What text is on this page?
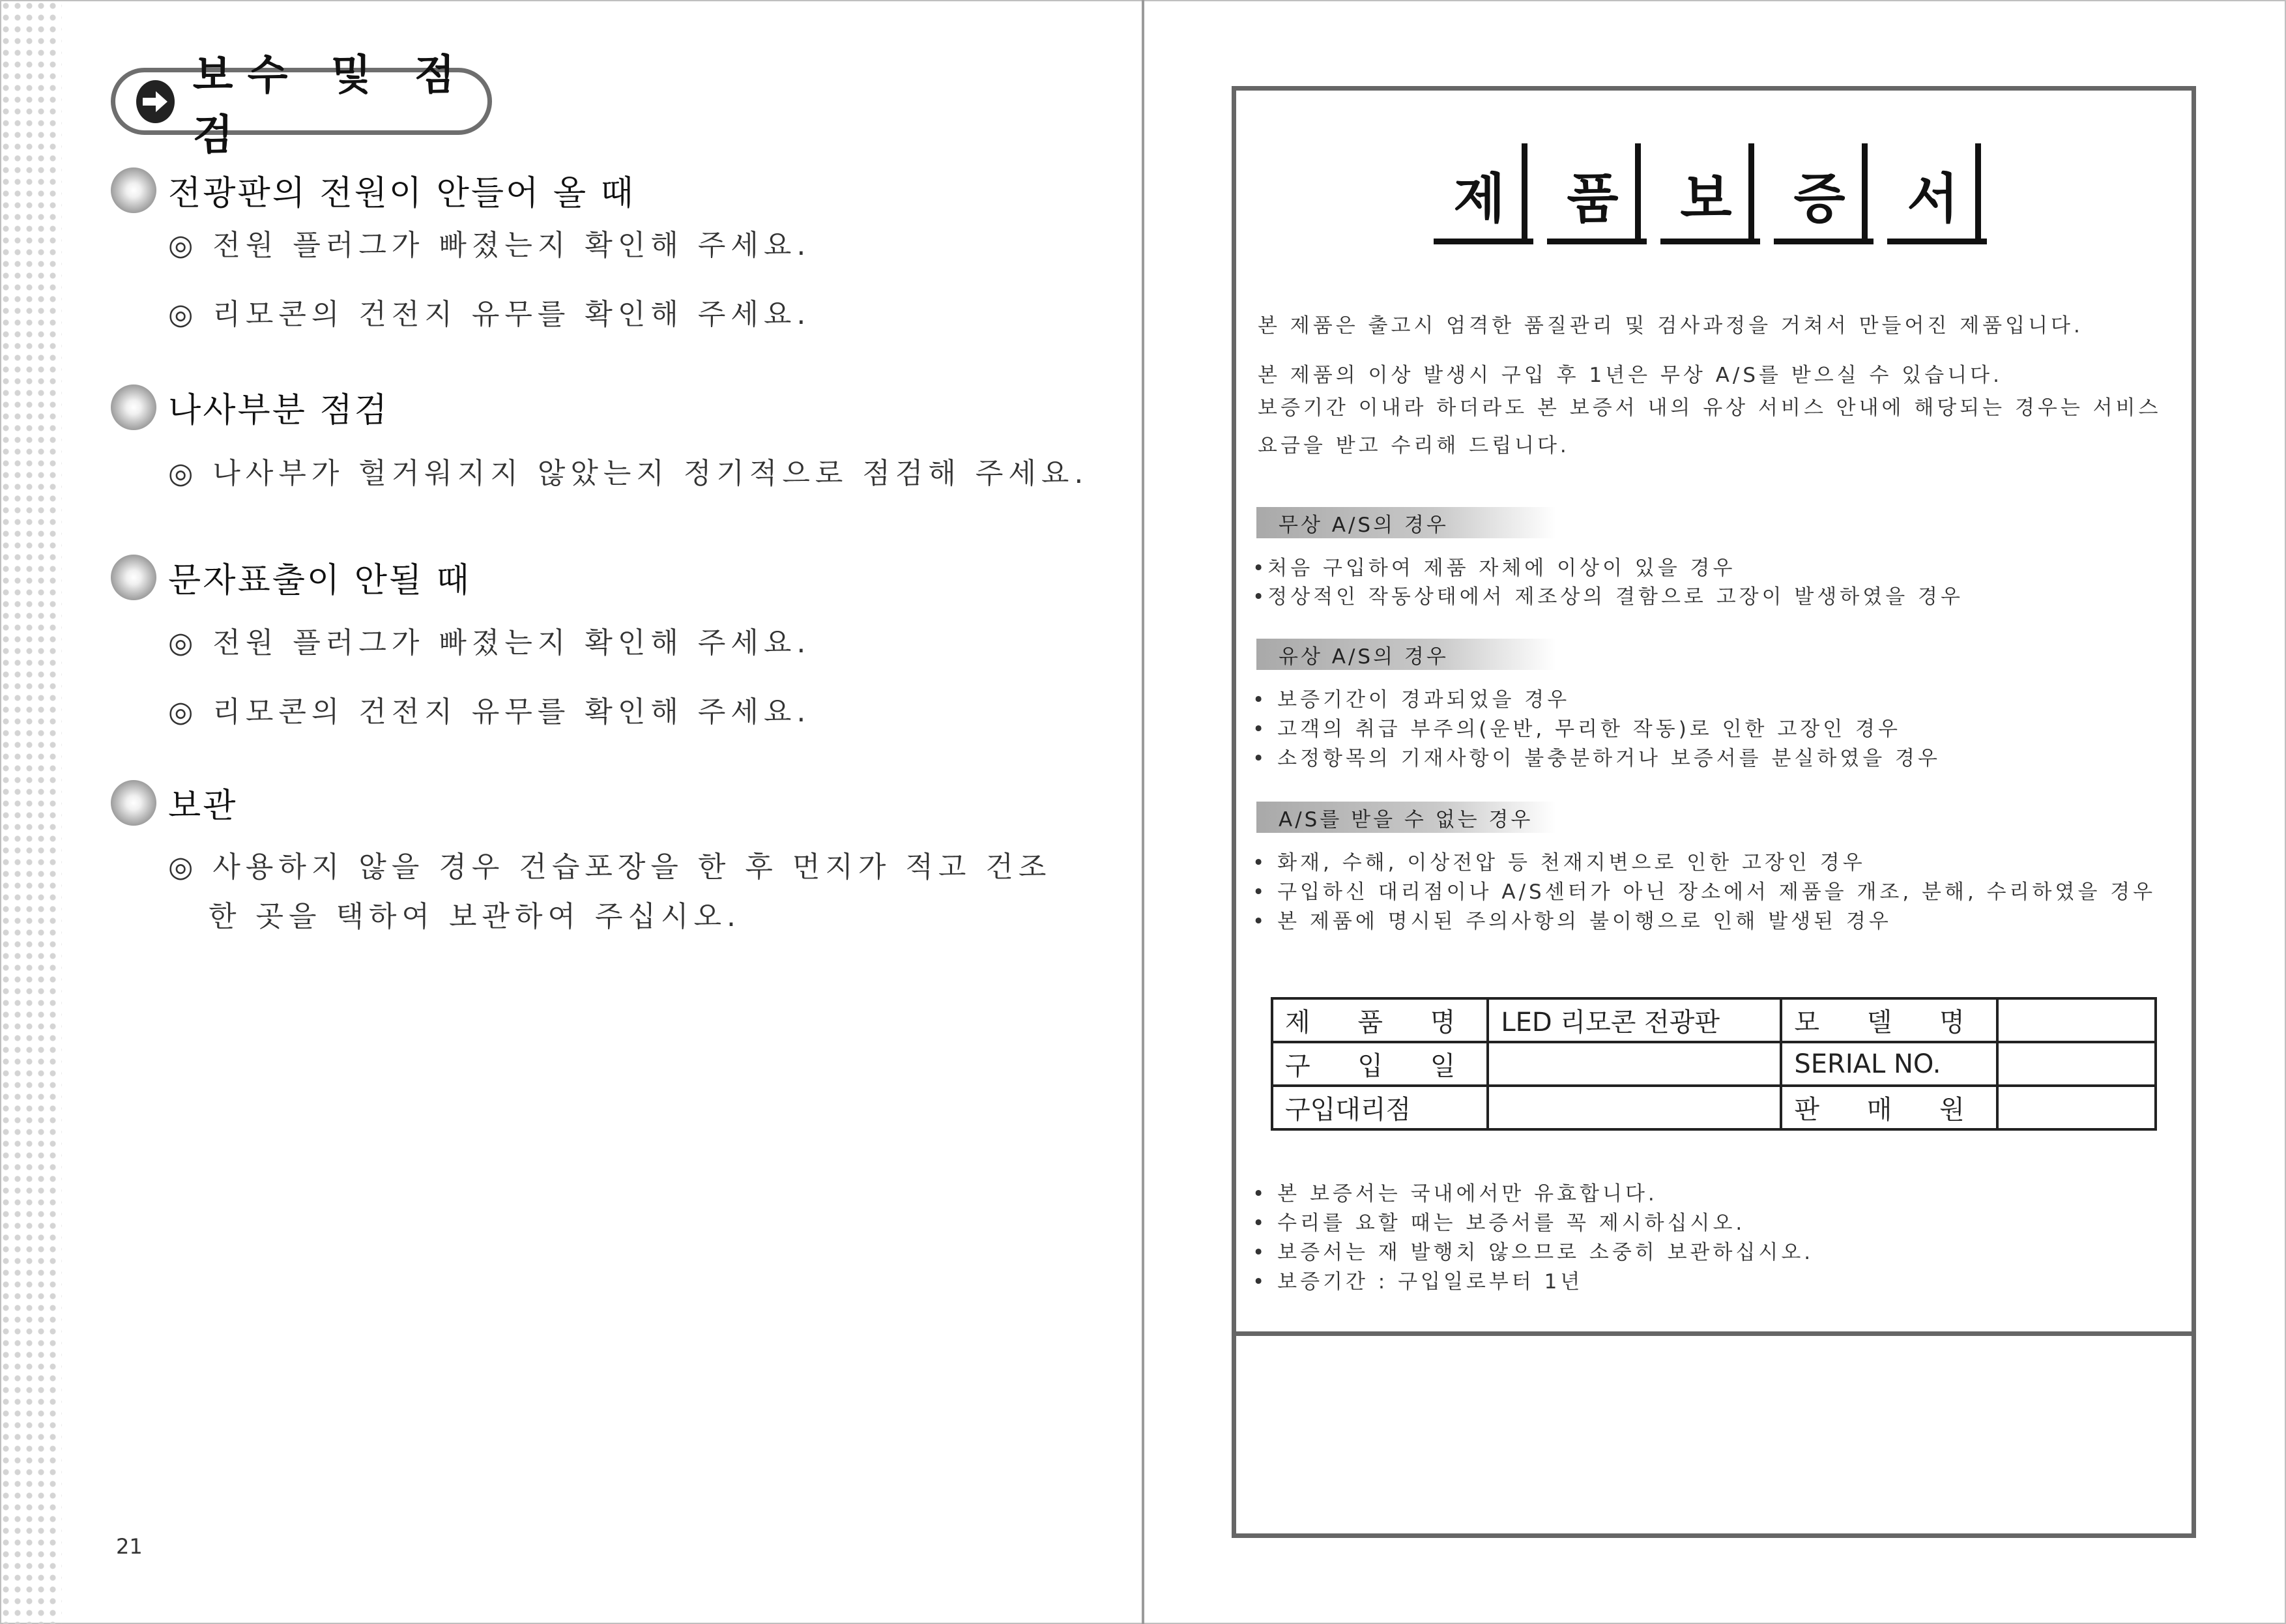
보수 및 점검
전광판의 전원이 안들어 올 때
◎ 전원 플러그가 빠졌는지 확인해 주세요.
◎ 리모콘의 건전지 유무를 확인해 주세요.
나사부분 점검
◎ 나사부가 헐거워지지 않았는지 정기적으로 점검해 주세요.
문자표출이 안될 때
◎ 전원 플러그가 빠졌는지 확인해 주세요.
◎ 리모콘의 건전지 유무를 확인해 주세요.
보관
◎ 사용하지 않을 경우 건습포장을 한 후 먼지가 적고 건조
한 곳을 택하여 보관하여 주십시오.
21
제	품	보	증	서
본 제품은 출고시 엄격한 품질관리 및 검사과정을 거쳐서 만들어진 제품입니다.
본 제품의 이상 발생시 구입 후 1년은 무상 A/S를 받으실 수 있습니다.
보증기간 이내라 하더라도 본 보증서 내의 유상 서비스 안내에 해당되는 경우는 서비스
요금을 받고 수리해 드립니다.
무상 A/S의 경우
•처음 구입하여 제품 자체에 이상이 있을 경우
•정상적인 작동상태에서 제조상의 결함으로 고장이 발생하였을 경우
유상 A/S의 경우
• 보증기간이 경과되었을 경우
• 고객의 취급 부주의(운반, 무리한 작동)로 인한 고장인 경우
• 소정항목의 기재사항이 불충분하거나 보증서를 분실하였을 경우
A/S를 받을 수 없는 경우
• 화재, 수해, 이상전압 등 천재지변으로 인한 고장인 경우
• 구입하신 대리점이나 A/S센터가 아닌 장소에서 제품을 개조, 분해, 수리하였을 경우
• 본 제품에 명시된 주의사항의 불이행으로 인해 발생된 경우
제 품 명	LED 리모콘 전광판	모 델 명	
구 입 일		SERIAL NO.	
구입대리점		판 매 원	
• 본 보증서는 국내에서만 유효합니다.
• 수리를 요할 때는 보증서를 꼭 제시하십시오.
• 보증서는 재 발행치 않으므로 소중히 보관하십시오.
• 보증기간 : 구입일로부터 1년
